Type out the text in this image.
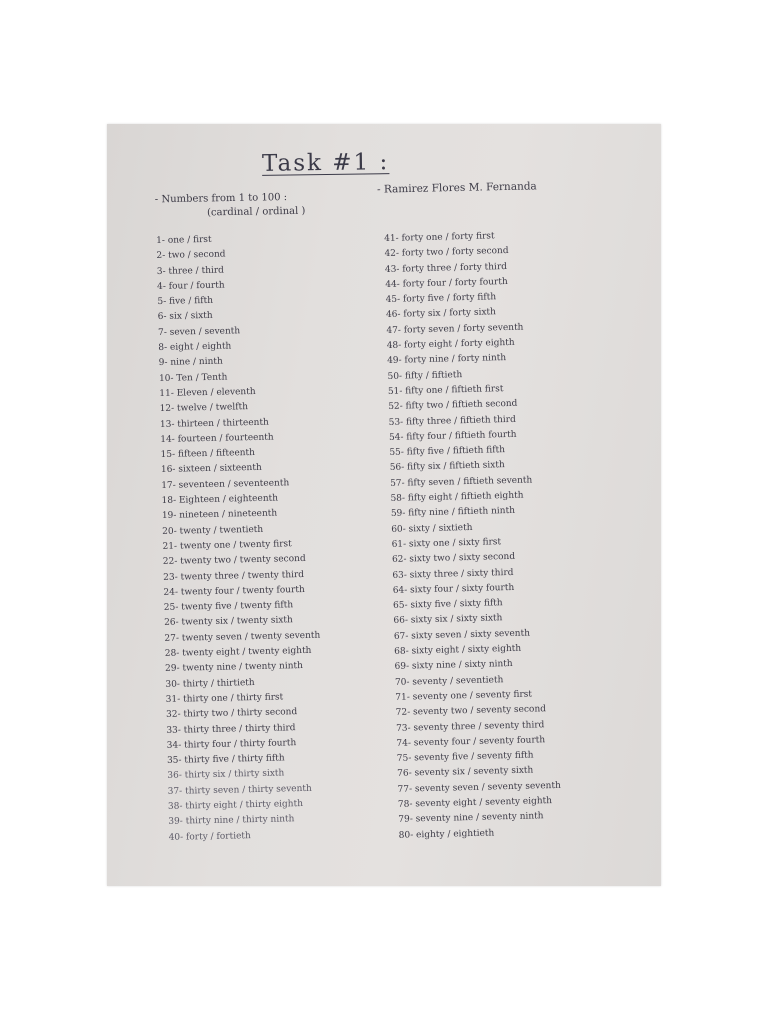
Task #1 :
- Ramirez Flores M. Fernanda
- Numbers from 1 to 100 :
(cardinal / ordinal )
1- one / first
2- two / second
3- three / third
4- four / fourth
5- five / fifth
6- six / sixth
7- seven / seventh
8- eight / eighth
9- nine / ninth
10- Ten / Tenth
11- Eleven / eleventh
12- twelve / twelfth
13- thirteen / thirteenth
14- fourteen / fourteenth
15- fifteen / fifteenth
16- sixteen / sixteenth
17- seventeen / seventeenth
18- Eighteen / eighteenth
19- nineteen / nineteenth
20- twenty / twentieth
21- twenty one / twenty first
22- twenty two / twenty second
23- twenty three / twenty third
24- twenty four / twenty fourth
25- twenty five / twenty fifth
26- twenty six / twenty sixth
27- twenty seven / twenty seventh
28- twenty eight / twenty eighth
29- twenty nine / twenty ninth
30- thirty / thirtieth
31- thirty one / thirty first
32- thirty two / thirty second
33- thirty three / thirty third
34- thirty four / thirty fourth
35- thirty five / thirty fifth
36- thirty six / thirty sixth
37- thirty seven / thirty seventh
38- thirty eight / thirty eighth
39- thirty nine / thirty ninth
40- forty / fortieth
41- forty one / forty first
42- forty two / forty second
43- forty three / forty third
44- forty four / forty fourth
45- forty five / forty fifth
46- forty six / forty sixth
47- forty seven / forty seventh
48- forty eight / forty eighth
49- forty nine / forty ninth
50- fifty / fiftieth
51- fifty one / fiftieth first
52- fifty two / fiftieth second
53- fifty three / fiftieth third
54- fifty four / fiftieth fourth
55- fifty five / fiftieth fifth
56- fifty six / fiftieth sixth
57- fifty seven / fiftieth seventh
58- fifty eight / fiftieth eighth
59- fifty nine / fiftieth ninth
60- sixty / sixtieth
61- sixty one / sixty first
62- sixty two / sixty second
63- sixty three / sixty third
64- sixty four / sixty fourth
65- sixty five / sixty fifth
66- sixty six / sixty sixth
67- sixty seven / sixty seventh
68- sixty eight / sixty eighth
69- sixty nine / sixty ninth
70- seventy / seventieth
71- seventy one / seventy first
72- seventy two / seventy second
73- seventy three / seventy third
74- seventy four / seventy fourth
75- seventy five / seventy fifth
76- seventy six / seventy sixth
77- seventy seven / seventy seventh
78- seventy eight / seventy eighth
79- seventy nine / seventy ninth
80- eighty / eightieth
